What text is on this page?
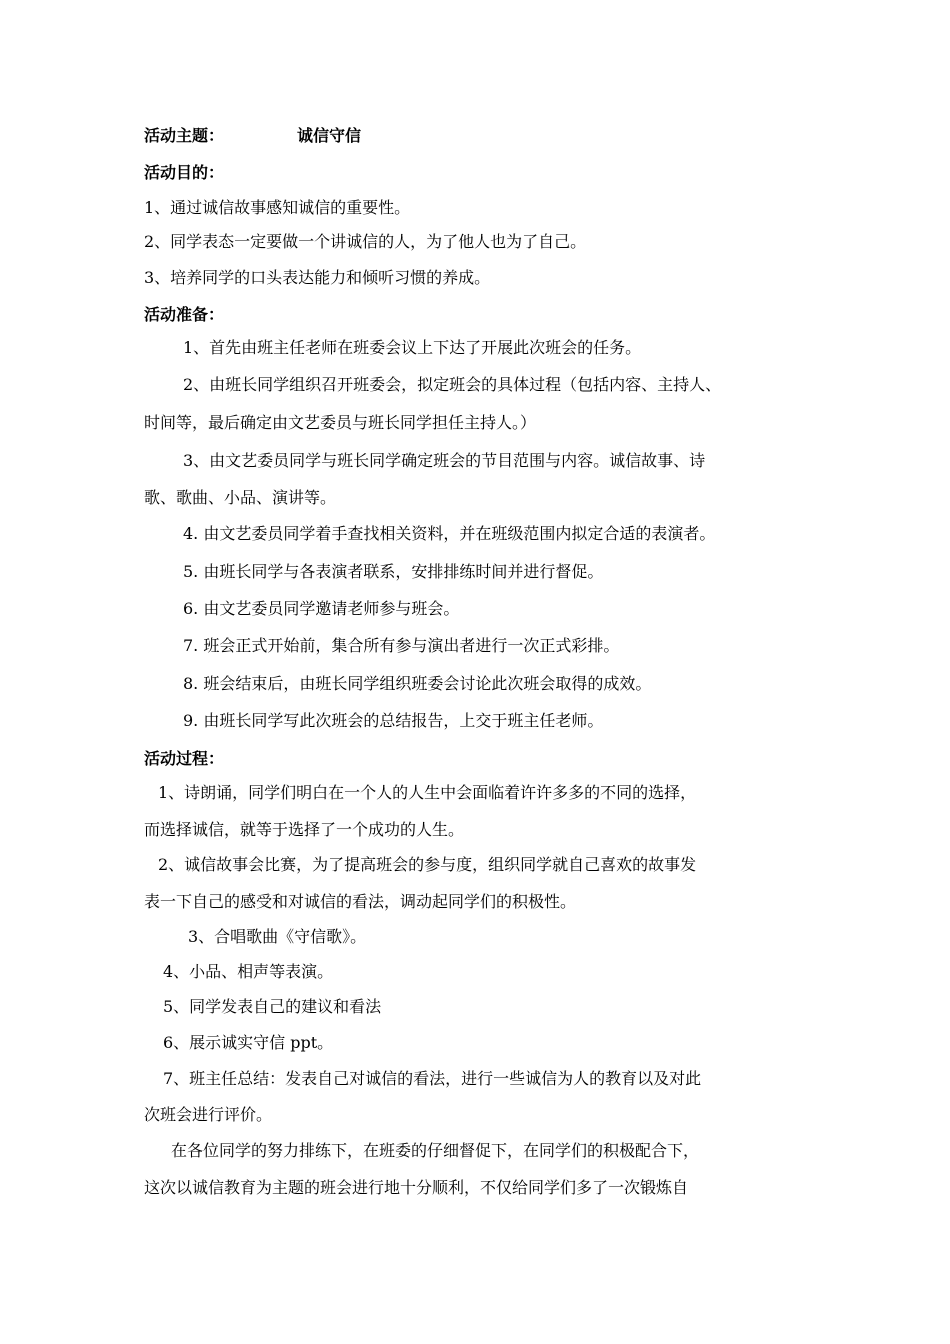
活动主题：	诚信守信
活动目的：
1、通过诚信故事感知诚信的重要性。
2、同学表态一定要做一个讲诚信的人，为了他人也为了自己。
3、培养同学的口头表达能力和倾听习惯的养成。
活动准备：
1、首先由班主任老师在班委会议上下达了开展此次班会的任务。
2、由班长同学组织召开班委会，拟定班会的具体过程（包括内容、主持人、
时间等，最后确定由文艺委员与班长同学担任主持人。）
3、由文艺委员同学与班长同学确定班会的节目范围与内容。诚信故事、诗
歌、歌曲、小品、演讲等。
4. 由文艺委员同学着手查找相关资料，并在班级范围内拟定合适的表演者。
5. 由班长同学与各表演者联系，安排排练时间并进行督促。
6. 由文艺委员同学邀请老师参与班会。
7. 班会正式开始前，集合所有参与演出者进行一次正式彩排。
8. 班会结束后，由班长同学组织班委会讨论此次班会取得的成效。
9. 由班长同学写此次班会的总结报告，上交于班主任老师。
活动过程：
1、诗朗诵，同学们明白在一个人的人生中会面临着许许多多的不同的选择，
而选择诚信，就等于选择了一个成功的人生。
2、诚信故事会比赛，为了提高班会的参与度，组织同学就自己喜欢的故事发
表一下自己的感受和对诚信的看法，调动起同学们的积极性。
3、合唱歌曲《守信歌》。
4、小品、相声等表演。
5、同学发表自己的建议和看法
6、展示诚实守信 ppt。
7、班主任总结：发表自己对诚信的看法，进行一些诚信为人的教育以及对此
次班会进行评价。
在各位同学的努力排练下，在班委的仔细督促下，在同学们的积极配合下，
这次以诚信教育为主题的班会进行地十分顺利，不仅给同学们多了一次锻炼自
